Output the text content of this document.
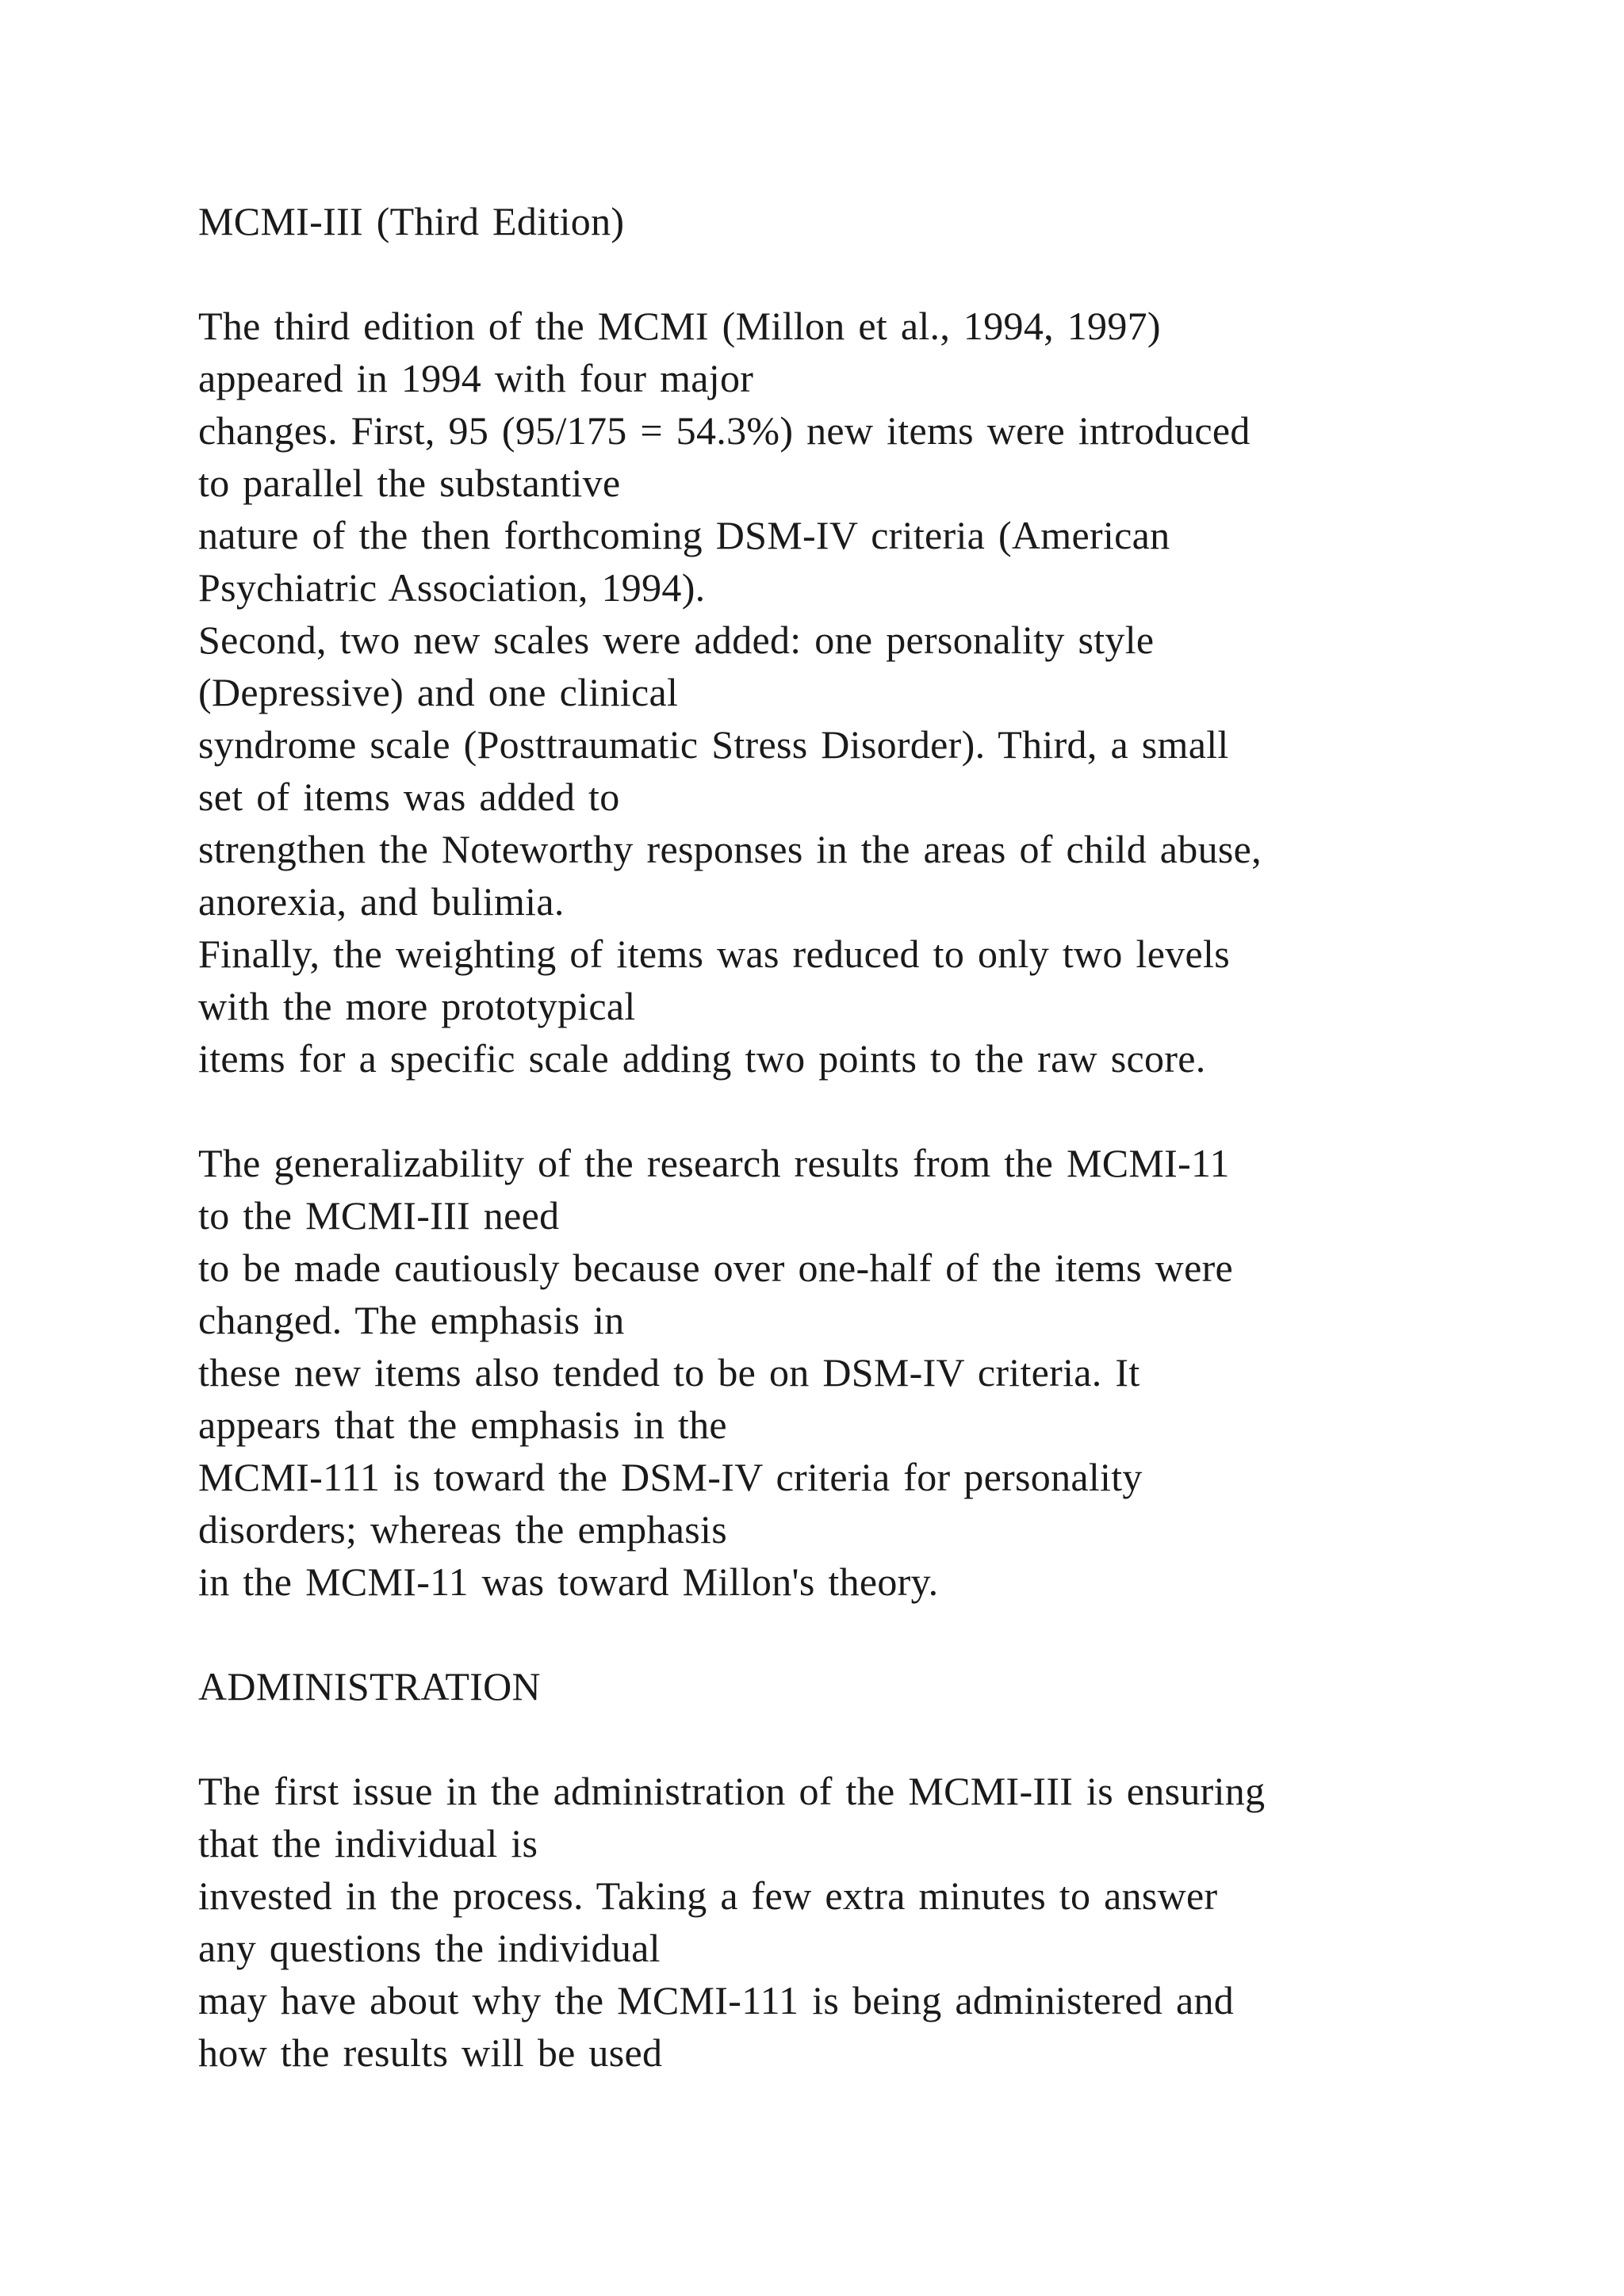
MCMI-III (Third Edition)
The third edition of the MCMI (Millon et al., 1994, 1997)
appeared in 1994 with four major
changes. First, 95 (95/175 = 54.3%) new items were introduced
to parallel the substantive
nature of the then forthcoming DSM-IV criteria (American
Psychiatric Association, 1994).
Second, two new scales were added: one personality style
(Depressive) and one clinical
syndrome scale (Posttraumatic Stress Disorder). Third, a small
set of items was added to
strengthen the Noteworthy responses in the areas of child abuse,
anorexia, and bulimia.
Finally, the weighting of items was reduced to only two levels
with the more prototypical
items for a specific scale adding two points to the raw score.
The generalizability of the research results from the MCMI-11
to the MCMI-III need
to be made cautiously because over one-half of the items were
changed. The emphasis in
these new items also tended to be on DSM-IV criteria. It
appears that the emphasis in the
MCMI-111 is toward the DSM-IV criteria for personality
disorders; whereas the emphasis
in the MCMI-11 was toward Millon's theory.
ADMINISTRATION
The first issue in the administration of the MCMI-III is ensuring
that the individual is
invested in the process. Taking a few extra minutes to answer
any questions the individual
may have about why the MCMI-111 is being administered and
how the results will be used
